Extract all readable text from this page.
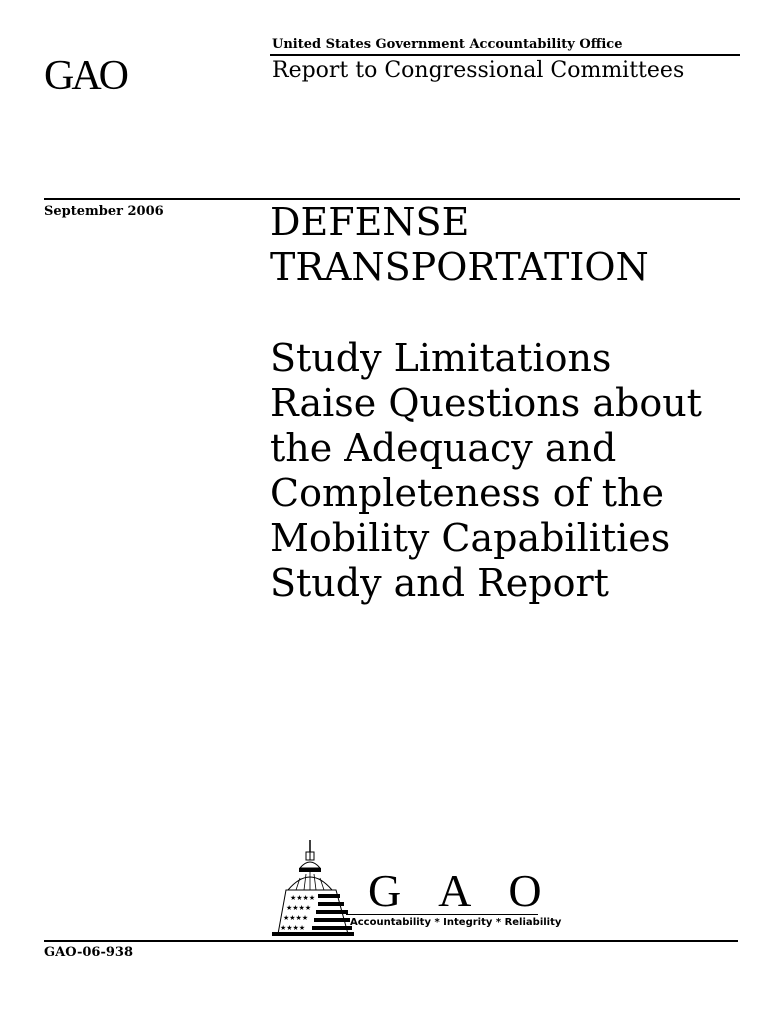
United States Government Accountability Office
GAO	Report to Congressional Committees
September 2006	DEFENSE
TRANSPORTATION
Study Limitations
Raise Questions about
the Adequacy and
Completeness of the
Mobility Capabilities
Study and Report
★★★★
★★★★
★★★★
★★★★
G A O
Accountability * Integrity * Reliability
GAO-06-938
